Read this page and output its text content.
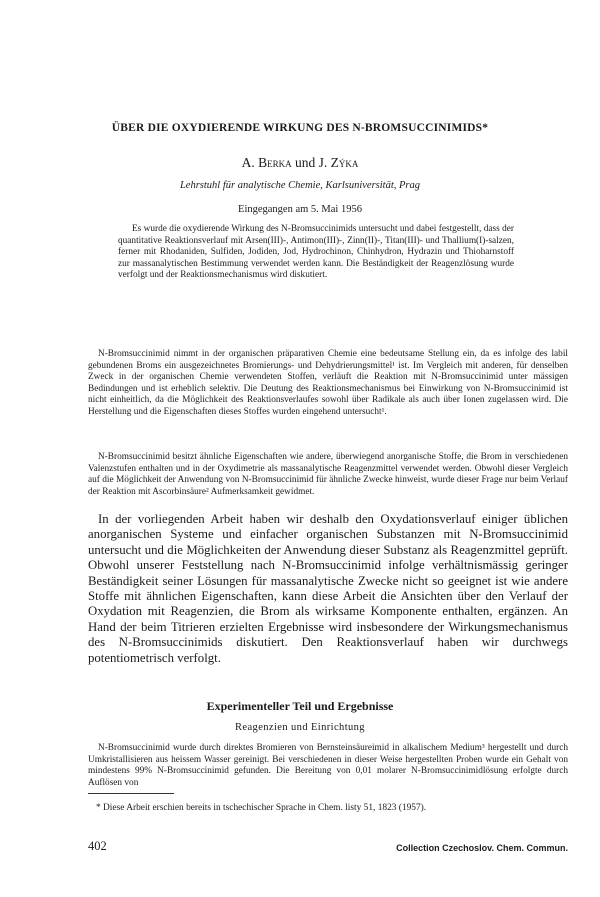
ÜBER DIE OXYDIERENDE WIRKUNG DES N-BROMSUCCINIMIDS*
A. Berka und J. Zýka
Lehrstuhl für analytische Chemie, Karlsuniversität, Prag
Eingegangen am 5. Mai 1956

Es wurde die oxydierende Wirkung des N-Bromsuccinimids untersucht und dabei festgestellt, dass der quantitative Reaktionsverlauf mit Arsen(III)-, Antimon(III)-, Zinn(II)-, Titan(III)- und Thallium(I)-salzen, ferner mit Rhodaniden, Sulfiden, Jodiden, Jod, Hydrochinon, Chinhydron, Hydrazin und Thioharnstoff zur massanalytischen Bestimmung verwendet werden kann. Die Beständigkeit der Reagenzlösung wurde verfolgt und der Reaktionsmechanismus wird diskutiert.

N-Bromsuccinimid nimmt in der organischen präparativen Chemie eine bedeutsame Stellung ein, da es infolge des labil gebundenen Broms ein ausgezeichnetes Bromierungs- und Dehydrierungsmittel¹ ist. Im Vergleich mit anderen, für denselben Zweck in der organischen Chemie verwendeten Stoffen, verläuft die Reaktion mit N-Bromsuccinimid unter mässigen Bedindungen und ist erheblich selektiv. Die Deutung des Reaktionsmechanismus bei Einwirkung von N-Bromsuccinimid ist nicht einheitlich, da die Möglichkeit des Reaktionsverlaufes sowohl über Radikale als auch über Ionen zugelassen wird. Die Herstellung und die Eigenschaften dieses Stoffes wurden eingehend untersucht¹.

N-Bromsuccinimid besitzt ähnliche Eigenschaften wie andere, überwiegend anorganische Stoffe, die Brom in verschiedenen Valenzstufen enthalten und in der Oxydimetrie als massanalytische Reagenzmittel verwendet werden. Obwohl dieser Vergleich auf die Möglichkeit der Anwendung von N-Bromsuccinimid für ähnliche Zwecke hinweist, wurde dieser Frage nur beim Verlauf der Reaktion mit Ascorbinsäure² Aufmerksamkeit gewidmet.

In der vorliegenden Arbeit haben wir deshalb den Oxydationsverlauf einiger üblichen anorganischen Systeme und einfacher organischen Substanzen mit N-Bromsuccinimid untersucht und die Möglichkeiten der Anwendung dieser Substanz als Reagenzmittel geprüft. Obwohl unserer Feststellung nach N-Bromsuccinimid infolge verhältnismässig geringer Beständigkeit seiner Lösungen für massanalytische Zwecke nicht so geeignet ist wie andere Stoffe mit ähnlichen Eigenschaften, kann diese Arbeit die Ansichten über den Verlauf der Oxydation mit Reagenzien, die Brom als wirksame Komponente enthalten, ergänzen. An Hand der beim Titrieren erzielten Ergebnisse wird insbesondere der Wirkungsmechanismus des N-Bromsuccinimids diskutiert. Den Reaktionsverlauf haben wir durchwegs potentiometrisch verfolgt.

Experimenteller Teil und Ergebnisse
Reagenzien und Einrichtung

N-Bromsuccinimid wurde durch direktes Bromieren von Bernsteinsäureimid in alkalischem Medium³ hergestellt und durch Umkristallisieren aus heissem Wasser gereinigt. Bei verschiedenen in dieser Weise hergestellten Proben wurde ein Gehalt von mindestens 99% N-Bromsuccinimid gefunden. Die Bereitung von 0,01 molarer N-Bromsuccinimidlösung erfolgte durch Auflösen von

* Diese Arbeit erschien bereits in tschechischer Sprache in Chem. listy 51, 1823 (1957).

402	Collection Czechoslov. Chem. Commun.
